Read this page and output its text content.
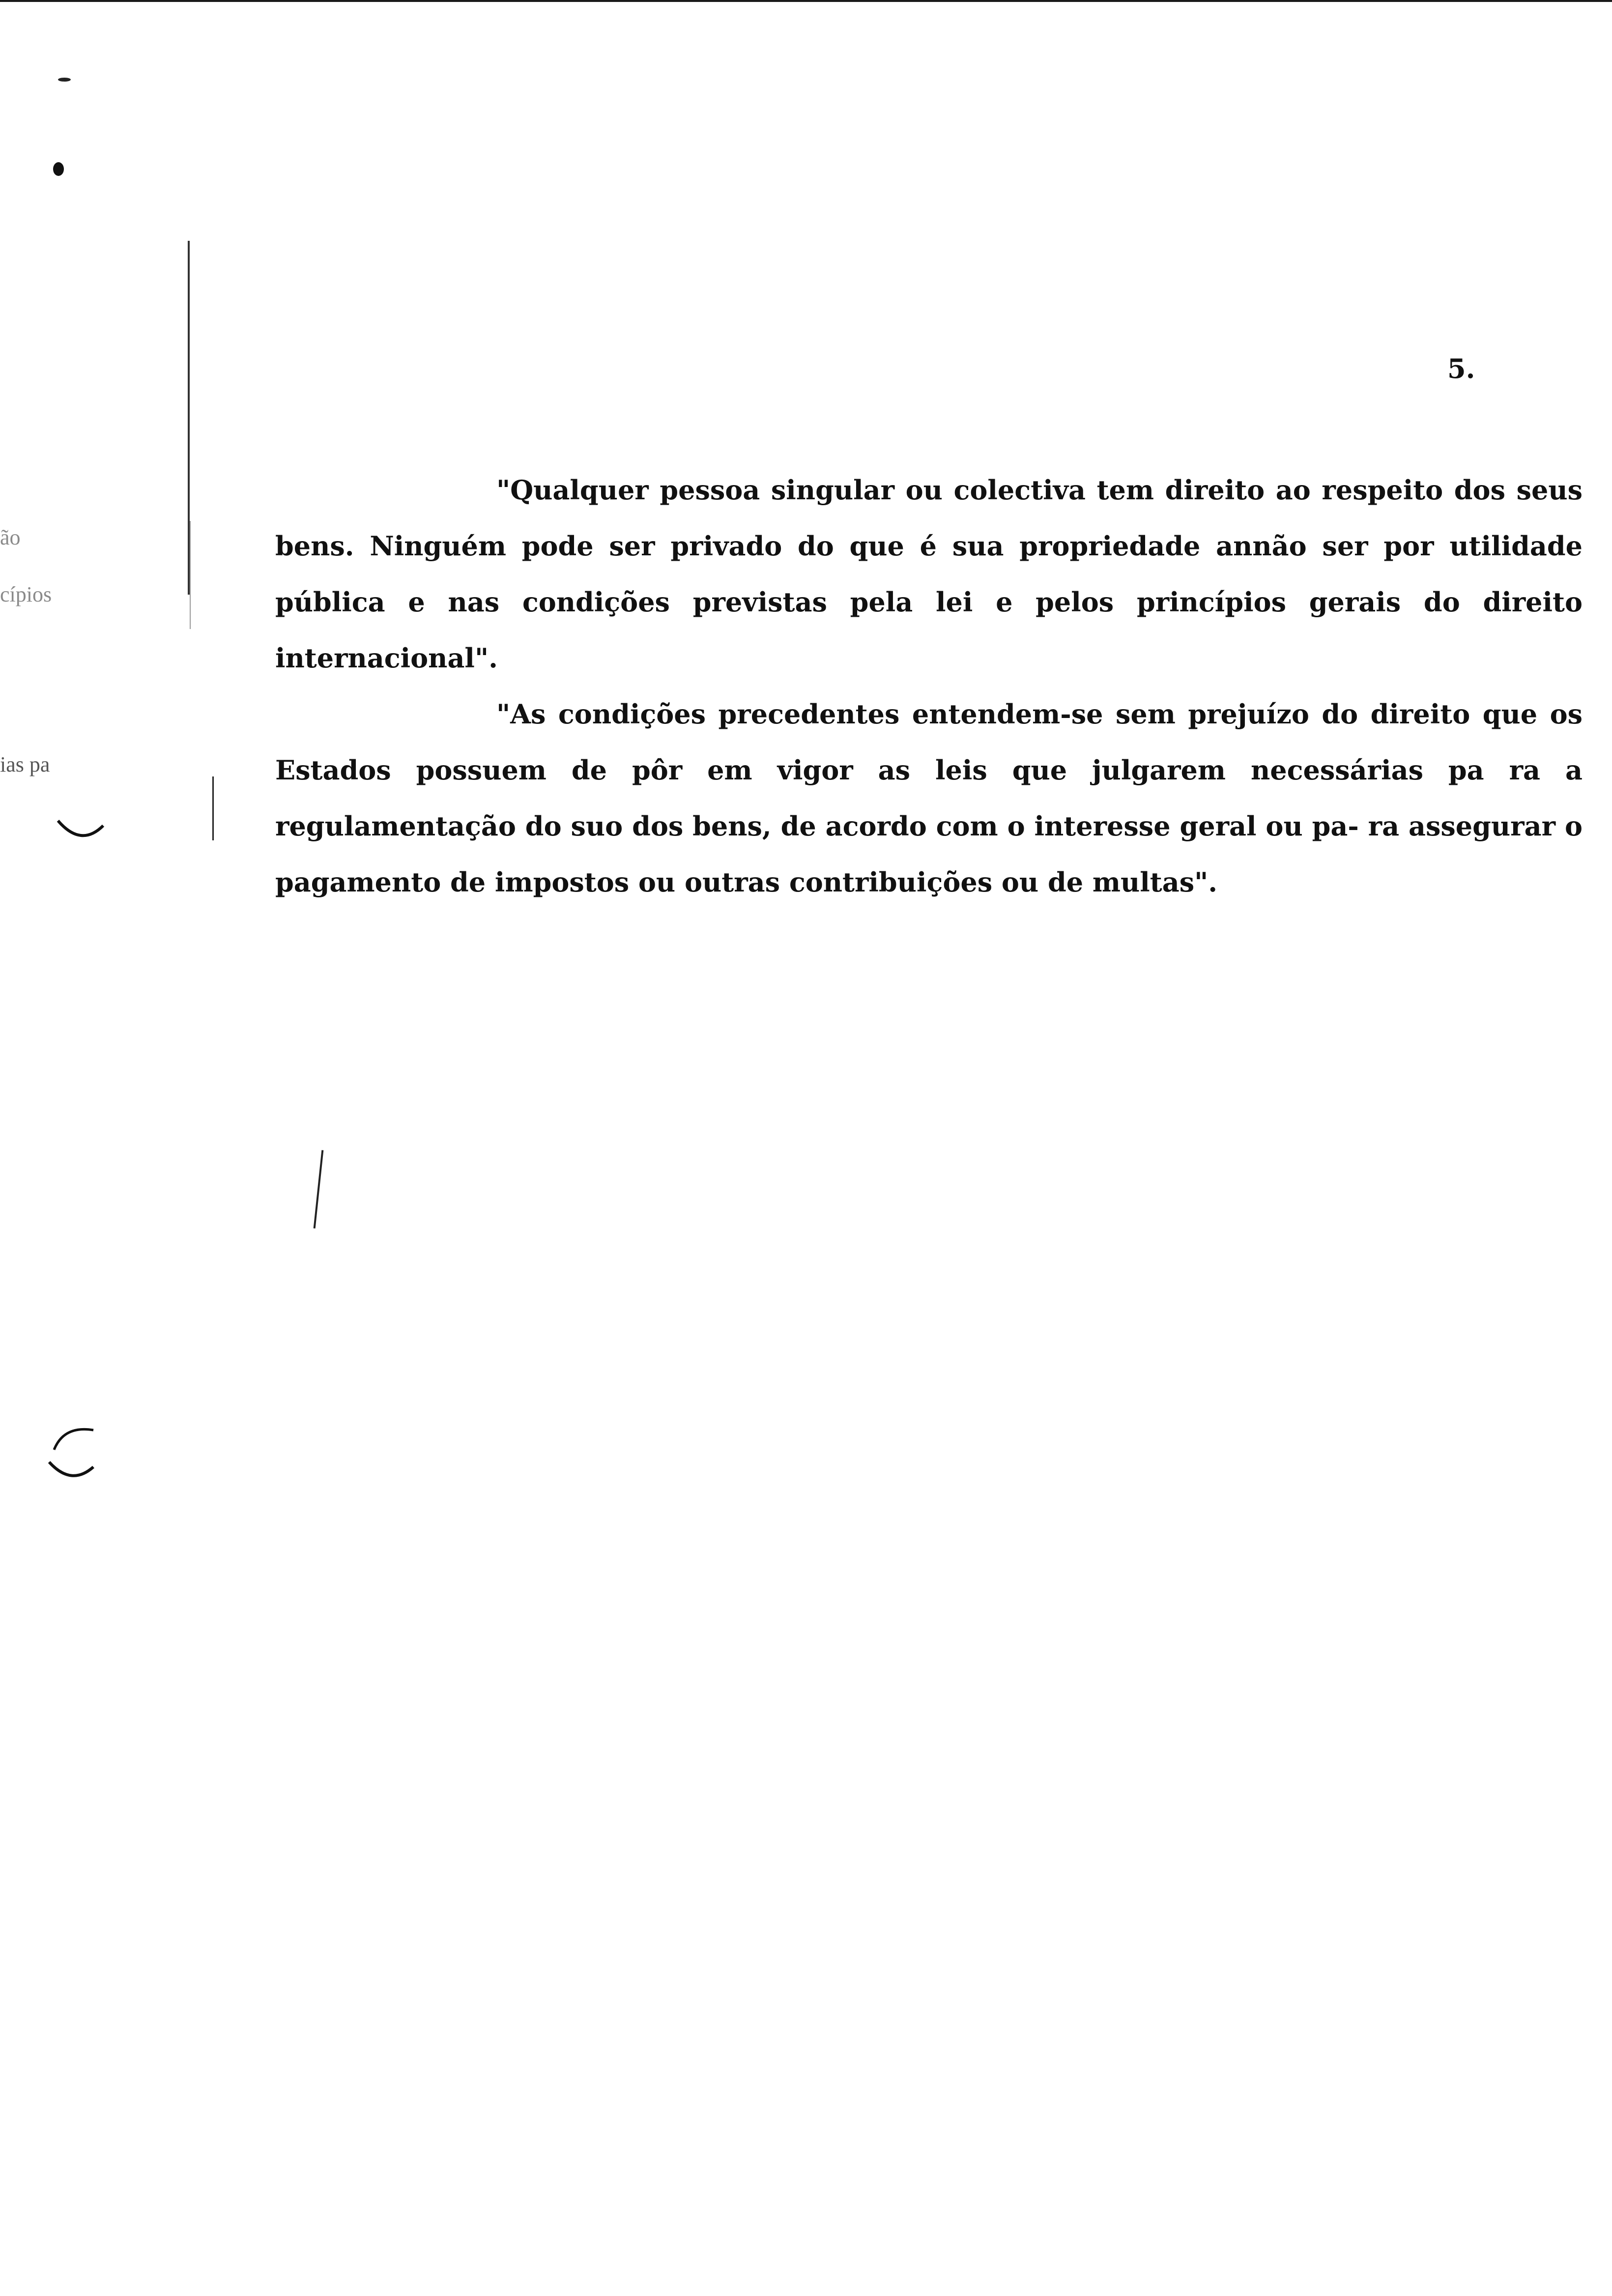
ão
cípios
ias pa
5.

"Qualquer pessoa singular ou colectiva tem direito ao respeito dos seus bens. Ninguém pode ser privado do que é sua propriedade annão ser por utilidade pública e nas condições previstas pela lei e pelos princípios gerais do direito internacional".

"As condições precedentes entendem-se sem prejuízo do direito que os Estados possuem de pôr em vigor as leis que julgarem necessárias pa ra a regulamentação do suo dos bens, de acordo com o interesse geral ou pa- ra assegurar o pagamento de impostos ou outras contribuições ou de multas".
